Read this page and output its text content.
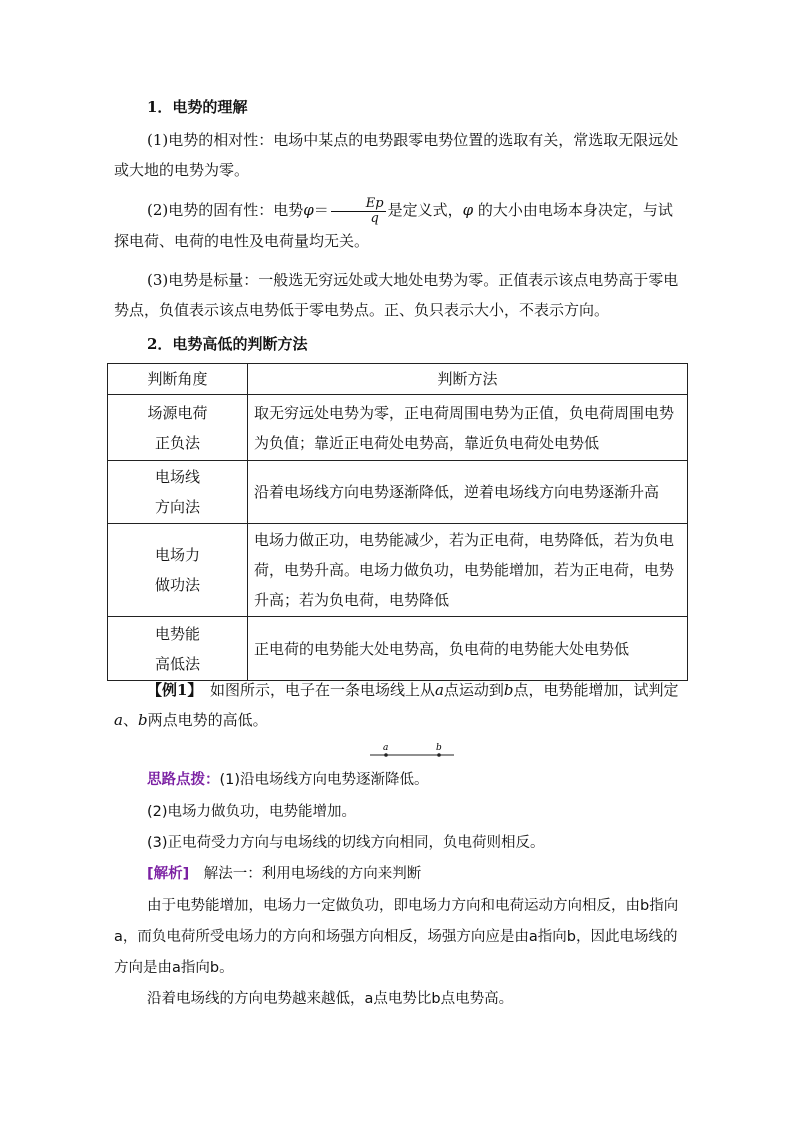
1．电势的理解

(1)电势的相对性：电场中某点的电势跟零电势位置的选取有关，常选取无限远处或大地的电势为零。

(2)电势的固有性：电势$\varphi= \frac{Ep}{q}$ 是定义式，φ 的大小由电场本身决定，与试探电荷、电荷的电性及电荷量均无关。

(3)电势是标量：一般选无穷远处或大地处电势为零。正值表示该点电势高于零电势点，负值表示该点电势低于零电势点。正、负只表示大小，不表示方向。

2．电势高低的判断方法

判断角度	判断方法

场源电荷
正负法	取无穷远处电势为零，正电荷周围电势为正值，负电荷周围电势为负值；靠近正电荷处电势高，靠近负电荷处电势低

电场线
方向法	沿着电场线方向电势逐渐降低，逆着电场线方向电势逐渐升高

电场力
做功法	电场力做正功，电势能减少，若为正电荷，电势降低，若为负电荷，电势升高。电场力做负功，电势能增加，若为正电荷，电势升高；若为负电荷，电势降低

电势能
高低法	正电荷的电势能大处电势高，负电荷的电势能大处电势低

【例1】　如图所示，电子在一条电场线上从a点运动到b点，电势能增加，试判定a、b两点电势的高低。

a	b

思路点拨：(1)沿电场线方向电势逐渐降低。

(2)电场力做负功，电势能增加。

(3)正电荷受力方向与电场线的切线方向相同，负电荷则相反。

[解析]　解法一：利用电场线的方向来判断

由于电势能增加，电场力一定做负功，即电场力方向和电荷运动方向相反，由b指向a，而负电荷所受电场力的方向和场强方向相反，场强方向应是由a指向b，因此电场线的方向是由a指向b。

沿着电场线的方向电势越来越低，a点电势比b点电势高。
